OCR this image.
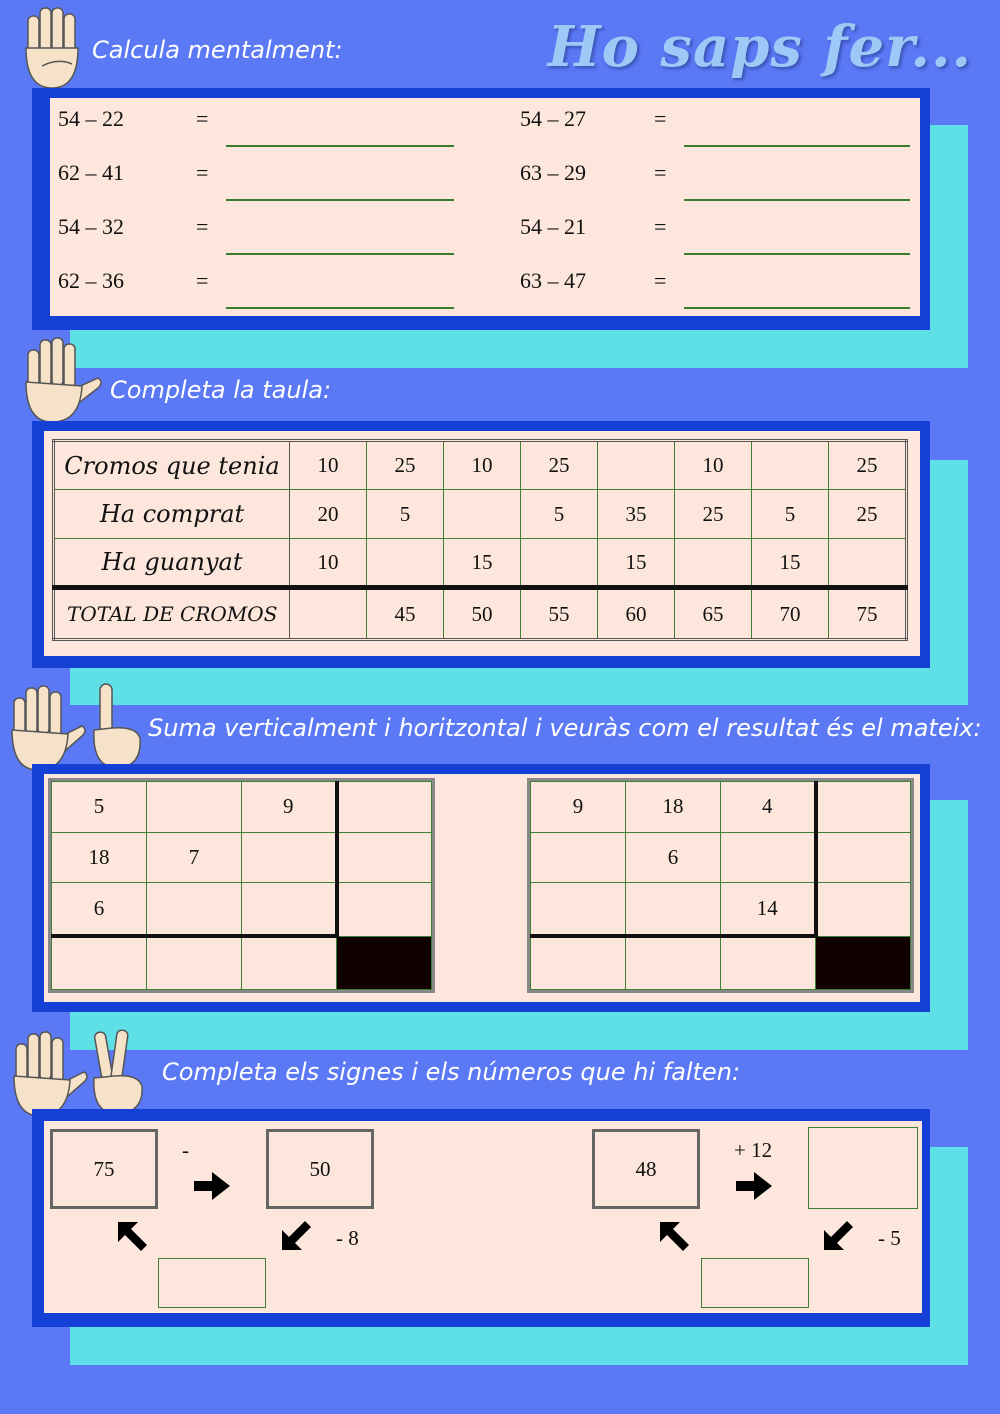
Ho saps fer...
Calcula mentalment:
54 – 22	=
62 – 41	=
54 – 32	=
62 – 36	=
54 – 27	=
63 – 29	=
54 – 21	=
63 – 47	=
Completa la taula:
Cromos que tenia	10	25	10	25		10		25
Ha comprat	20	5		5	35	25	5	25
Ha guanyat	10		15		15		15	
TOTAL DE CROMOS		45	50	55	60	65	70	75
Suma verticalment i horitzontal i veuràs com el resultat és el mateix:
5		9	
18	7		
6			

9	18	4	
	6		
		14	

Completa els signes i els números que hi falten:
75
-
50
- 8
48
+ 12
- 5
